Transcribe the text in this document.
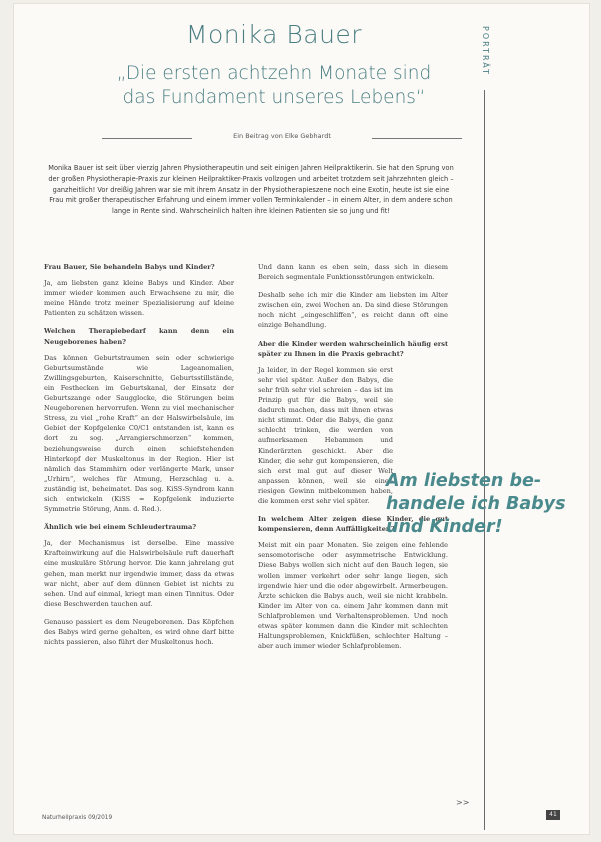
Monika Bauer
„Die ersten achtzehn Monate sind
das Fundament unseres Lebens“
PORTRÄT
Ein Beitrag von Elke Gebhardt
Monika Bauer ist seit über vierzig Jahren Physiotherapeutin und seit einigen Jahren Heilpraktikerin. Sie hat den Sprung von der großen Physiotherapie-Praxis zur kleinen Heilpraktiker-Praxis vollzogen und arbeitet trotzdem seit Jahrzehnten gleich – ganzheitlich! Vor dreißig Jahren war sie mit ihrem Ansatz in der Physiotherapieszene noch eine Exotin, heute ist sie eine Frau mit großer therapeutischer Erfahrung und einem immer vollen Terminkalender – in einem Alter, in dem andere schon lange in Rente sind. Wahrscheinlich halten ihre kleinen Patienten sie so jung und fit!

Frau Bauer, Sie behandeln Babys und Kinder?

Ja, am liebsten ganz kleine Babys und Kinder. Aber immer wieder kommen auch Erwachsene zu mir, die meine Hände trotz meiner Spezialisierung auf kleine Patienten zu schätzen wissen.

Welchen Therapiebedarf kann denn ein Neugeborenes haben?

Das können Geburtstraumen sein oder schwierige Geburtsumstände wie Lageanomalien, Zwillingsgeburten, Kaiserschnitte, Geburtsstillstände, ein Festhecken im Geburtskanal, der Einsatz der Geburtszange oder Saugglocke, die Störungen beim Neugeborenen hervorrufen. Wenn zu viel mechanischer Stress, zu viel „rohe Kraft“ an der Halswirbelsäule, im Gebiet der Kopfgelenke C0/C1 entstanden ist, kann es dort zu sog. „Arrangierschmerzen“ kommen, beziehungsweise durch einen schiefstehenden Hinterkopf der Muskeltonus in der Region. Hier ist nämlich das Stammhirn oder verlängerte Mark, unser „Urhirn“, welches für Atmung, Herzschlag u. a. zuständig ist, beheimatet. Das sog. KiSS-Syndrom kann sich entwickeln (KiSS = Kopfgelenk induzierte Symmetrie Störung, Anm. d. Red.).

Ähnlich wie bei einem Schleudertrauma?

Ja, der Mechanismus ist derselbe. Eine massive Krafteinwirkung auf die Halswirbelsäule ruft dauerhaft eine muskuläre Störung hervor. Die kann jahrelang gut gehen, man merkt nur irgendwie immer, dass da etwas war nicht, aber auf dem dünnen Gebiet ist nichts zu sehen. Und auf einmal, kriegt man einen Tinnitus. Oder diese Beschwerden tauchen auf.

Genauso passiert es dem Neugeborenen. Das Köpfchen des Babys wird gerne gehalten, es wird ohne darf bitte nichts passieren, also führt der Muskeltonus hoch.

Und dann kann es eben sein, dass sich in diesem Bereich segmentale Funktionsstörungen entwickeln.

Deshalb sehe ich mir die Kinder am liebsten im Alter zwischen ein, zwei Wochen an. Da sind diese Störungen noch nicht „eingeschliffen“, es reicht dann oft eine einzige Behandlung.

Aber die Kinder werden wahrscheinlich häufig erst später zu Ihnen in die Praxis gebracht?

Ja leider, in der Regel kommen sie erst sehr viel später. Außer den Babys, die sehr früh sehr viel schreien – das ist im Prinzip gut für die Babys, weil sie dadurch machen, dass mit ihnen etwas nicht stimmt. Oder die Babys, die ganz schlecht trinken, die werden von aufmerksamen Hebammen und Kinderärzten geschickt. Aber die Kinder, die sehr gut kompensieren, die sich erst mal gut auf dieser Welt anpassen können, weil sie einen riesigen Gewinn mitbekommen haben, die kommen erst sehr viel später.

In welchem Alter zeigen diese Kinder, die gut kompensieren, denn Auffälligkeiten?

Meist mit ein paar Monaten. Sie zeigen eine fehlende sensomotorische oder asymmetrische Entwicklung. Diese Babys wollen sich nicht auf den Bauch legen, sie wollen immer verkehrt oder sehr lange liegen, sich irgendwie hier und die oder abgewirbelt. Armerbeugen. Ärzte schicken die Babys auch, weil sie nicht krabbeln. Kinder im Alter von ca. einem Jahr kommen dann mit Schlafproblemen und Verhaltensproblemen. Und noch etwas später kommen dann die Kinder mit schlechten Haltungsproblemen, Knickfüßen, schlechter Haltung – aber auch immer wieder Schlafproblemen.

Am liebsten be-
handele ich Babys
und Kinder!
>>
Naturheilpraxis 09/2019	41
